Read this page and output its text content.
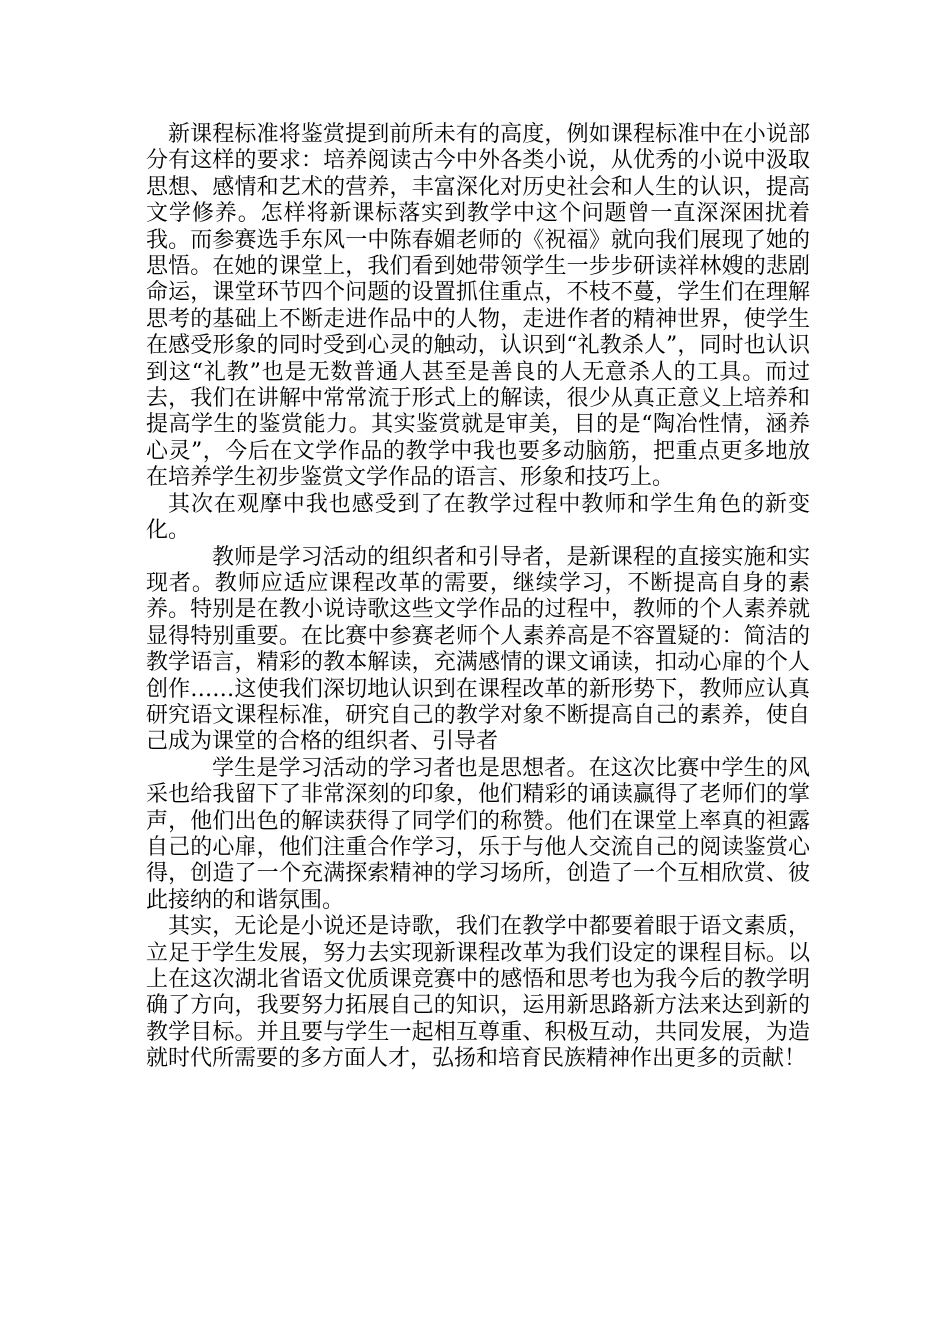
新课程标准将鉴赏提到前所未有的高度，例如课程标准中在小说部分有这样的要求：培养阅读古今中外各类小说，从优秀的小说中汲取思想、感情和艺术的营养，丰富深化对历史社会和人生的认识，提高文学修养。怎样将新课标落实到教学中这个问题曾一直深深困扰着我。而参赛选手东风一中陈春媚老师的《祝福》就向我们展现了她的思悟。在她的课堂上，我们看到她带领学生一步步研读祥林嫂的悲剧命运，课堂环节四个问题的设置抓住重点，不枝不蔓，学生们在理解思考的基础上不断走进作品中的人物，走进作者的精神世界，使学生在感受形象的同时受到心灵的触动，认识到“礼教杀人”，同时也认识到这“礼教”也是无数普通人甚至是善良的人无意杀人的工具。而过去，我们在讲解中常常流于形式上的解读，很少从真正意义上培养和提高学生的鉴赏能力。其实鉴赏就是审美，目的是“陶冶性情，涵养心灵”，今后在文学作品的教学中我也要多动脑筋，把重点更多地放在培养学生初步鉴赏文学作品的语言、形象和技巧上。

其次在观摩中我也感受到了在教学过程中教师和学生角色的新变化。

教师是学习活动的组织者和引导者，是新课程的直接实施和实现者。教师应适应课程改革的需要，继续学习，不断提高自身的素养。特别是在教小说诗歌这些文学作品的过程中，教师的个人素养就显得特别重要。在比赛中参赛老师个人素养高是不容置疑的：简洁的教学语言，精彩的教本解读，充满感情的课文诵读，扣动心扉的个人创作……这使我们深切地认识到在课程改革的新形势下，教师应认真研究语文课程标准，研究自己的教学对象不断提高自己的素养，使自己成为课堂的合格的组织者、引导者

学生是学习活动的学习者也是思想者。在这次比赛中学生的风采也给我留下了非常深刻的印象，他们精彩的诵读赢得了老师们的掌声，他们出色的解读获得了同学们的称赞。他们在课堂上率真的袒露自己的心扉，他们注重合作学习，乐于与他人交流自己的阅读鉴赏心得，创造了一个充满探索精神的学习场所，创造了一个互相欣赏、彼此接纳的和谐氛围。

其实，无论是小说还是诗歌，我们在教学中都要着眼于语文素质，立足于学生发展，努力去实现新课程改革为我们设定的课程目标。以上在这次湖北省语文优质课竞赛中的感悟和思考也为我今后的教学明确了方向，我要努力拓展自己的知识，运用新思路新方法来达到新的教学目标。并且要与学生一起相互尊重、积极互动，共同发展，为造就时代所需要的多方面人才，弘扬和培育民族精神作出更多的贡献！
